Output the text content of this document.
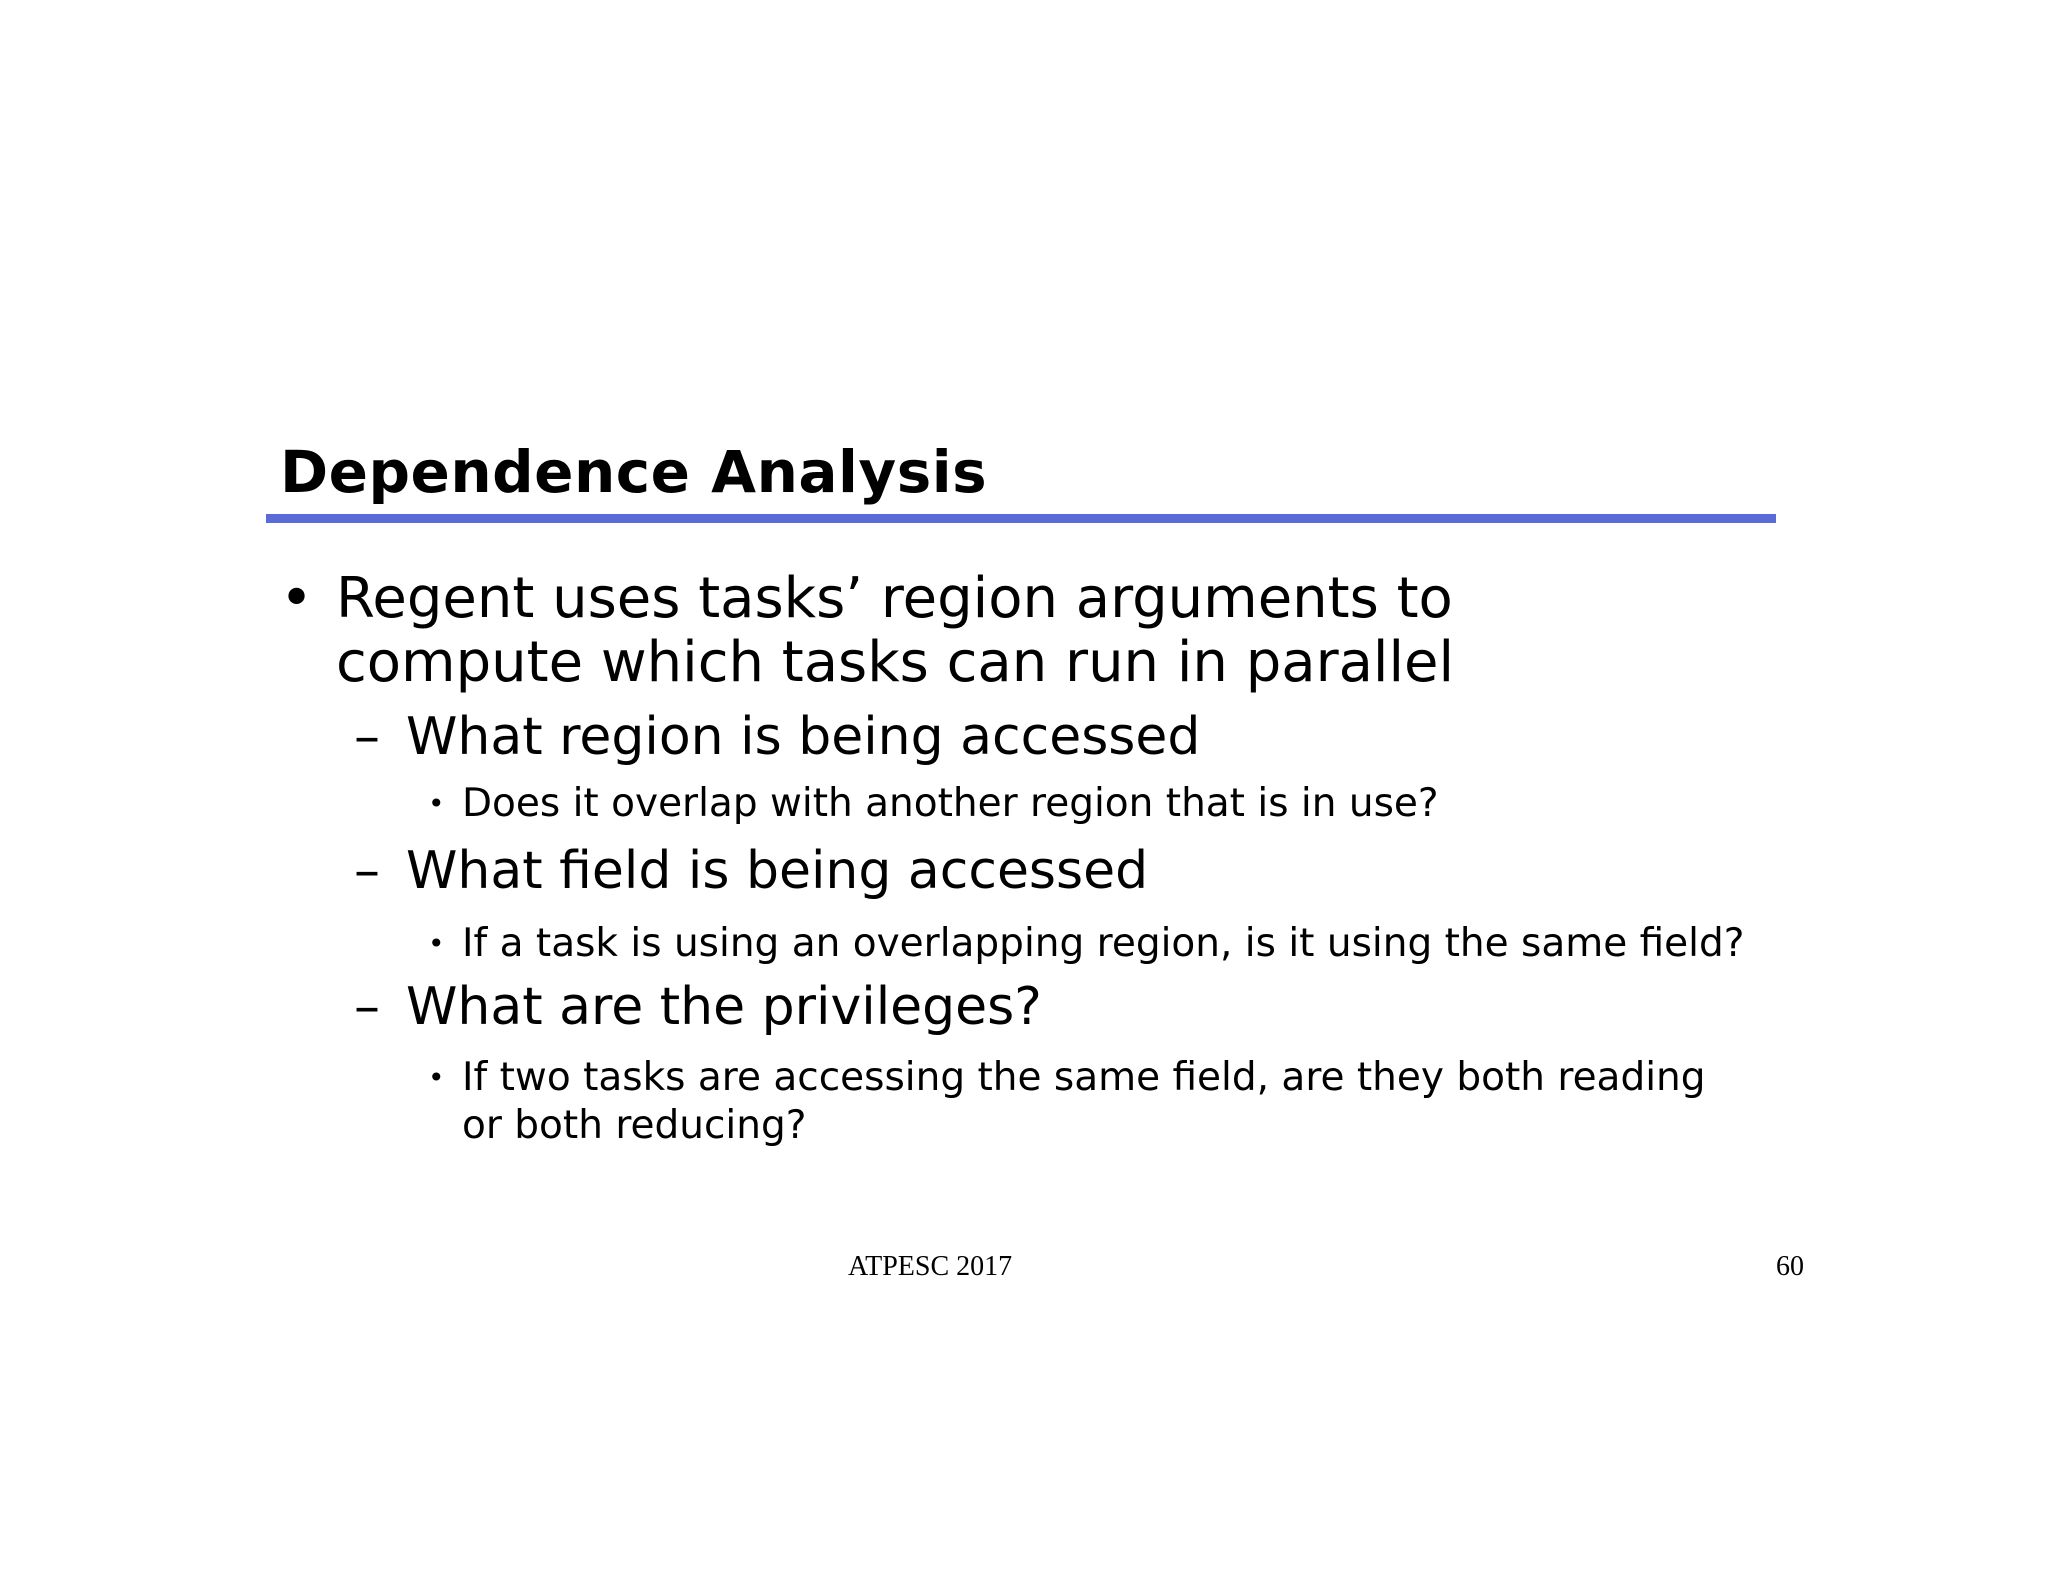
Dependence Analysis
• Regent uses tasks’ region arguments to
compute which tasks can run in parallel
– What region is being accessed
• Does it overlap with another region that is in use?
– What field is being accessed
• If a task is using an overlapping region, is it using the same field?
– What are the privileges?
• If two tasks are accessing the same field, are they both reading
or both reducing?
ATPESC 2017	60
